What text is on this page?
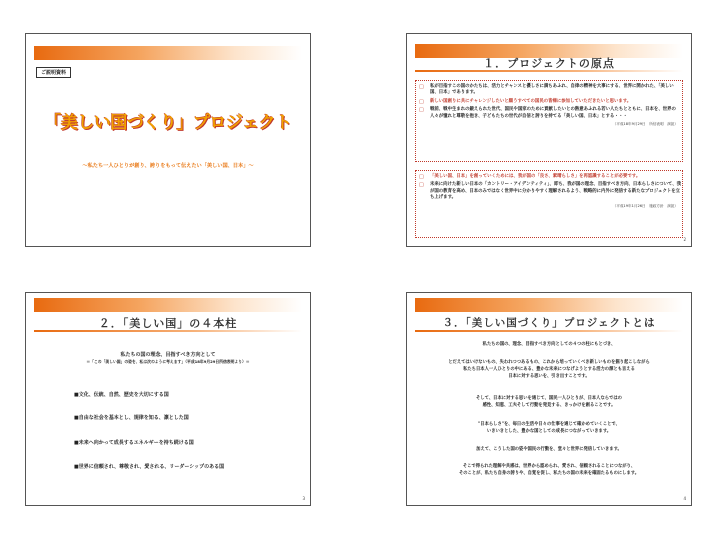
ご説明資料
「美しい国づくり」プロジェクト
～私たち一人ひとりが創り、誇りをもって伝えたい「美しい国、日本」～
１．プロジェクトの原点
□ 私が目指すこの国のかたちは、活力とチャンスと優しさに満ちあふれ、自律の精神を大事にする、世界に開かれた、「美しい国、日本」であります。
□ 新しい国創りに共にチャレンジしたいと願うすべての国民の皆様に参加していただきたいと思います。
□ 戦前、戦中生まれの鍛えられた世代、国民や国家のために貢献したいとの熱意あふれる若い人たちとともに、日本を、世界の人々が憧れと尊敬を抱き、子どもたちの世代が自信と誇りを持てる「美しい国、日本」とする・・・
（平成18年9月29日　所信表明　演説）
□ 「美しい国、日本」を創っていくためには、我が国の「良さ、素晴らしさ」を再認識することが必要です。
□ 未来に向けた新しい日本の「カントリー・アイデンティティ」、即ち、我が国の理念、目指すべき方向、日本らしさについて、我が国の教育を高め、日本のみではなく世界中に分かりやすく理解されるよう、戦略的に内外に発信する新たなプロジェクトを立ち上げます。
（平成19年1月26日　施政方針　演説）
2
２．「美しい国」の４本柱
私たちの国の理念、目指すべき方向として
＝「この「美しい国」の姿を、私は次のように考えます」（平成18年9月29日所信表明より）＝
■文化、伝統、自然、歴史を大切にする国
■自由な社会を基本とし、規律を知る、凛とした国
■未来へ向かって成長するエネルギーを持ち続ける国
■世界に信頼され、尊敬され、愛される、リーダーシップのある国
3
３．「美しい国づくり」プロジェクトとは
私たちの国の、理念、目指すべき方向としての４つの柱にもとづき、
とだえてはいけないもの、失われつつあるもの、これから培っていくべき新しいものを掘り起こしながら
私たち日本人一人ひとりの中にある、豊かな未来につなげようとする活力の源とも言える
日本に対する思いを、引き出すことです。
そして、日本に対する思いを通じて、国民一人ひとりが、日本人ならではの
感性、知恵、工夫そして行動を発見する、きっかけを創ることです。
"日本らしさ"を、毎日の生活や日々の仕事を通じて確かめていくことで、
いきいきとした、豊かな国としての成長につながっていきます。
加えて、こうした国の姿や国民の行動を、堂々と世界に発信していきます。
そこで得られた理解や共感は、世界から認められ、愛され、信頼されることにつながり、
そのことが、私たち自身の誇りや、自覚を促し、私たちの国の未来を確固たるものにします。
4
